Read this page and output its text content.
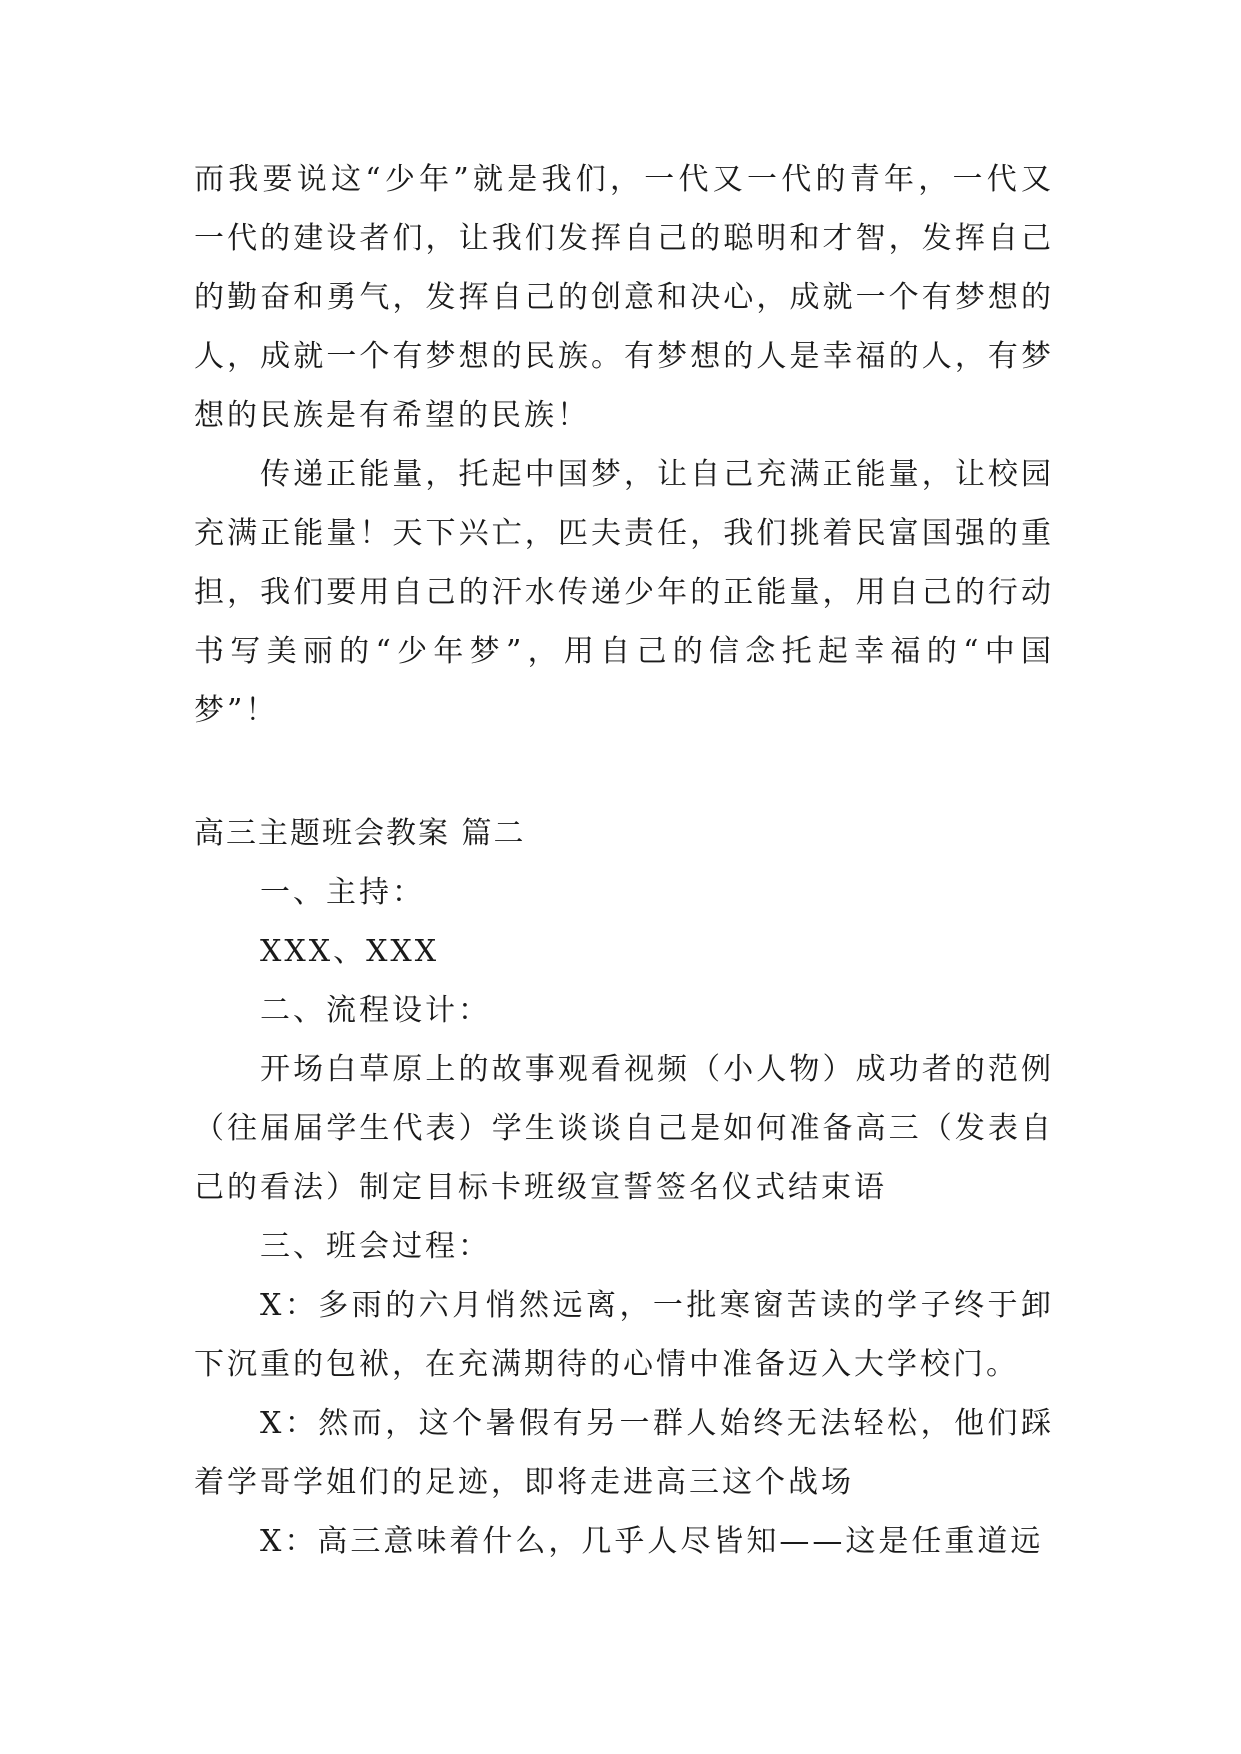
而我要说这“少年”就是我们，一代又一代的青年，一代又一代的建设者们，让我们发挥自己的聪明和才智，发挥自己的勤奋和勇气，发挥自己的创意和决心，成就一个有梦想的人，成就一个有梦想的民族。有梦想的人是幸福的人，有梦想的民族是有希望的民族！

传递正能量，托起中国梦，让自己充满正能量，让校园充满正能量！天下兴亡，匹夫责任，我们挑着民富国强的重担，我们要用自己的汗水传递少年的正能量，用自己的行动书写美丽的“少年梦”，用自己的信念托起幸福的“中国梦”！

高三主题班会教案 篇二

一、主持：

XXX、XXX

二、流程设计：

开场白草原上的故事观看视频（小人物）成功者的范例（往届届学生代表）学生谈谈自己是如何准备高三（发表自己的看法）制定目标卡班级宣誓签名仪式结束语

三、班会过程：

X：多雨的六月悄然远离，一批寒窗苦读的学子终于卸下沉重的包袱，在充满期待的心情中准备迈入大学校门。

X：然而，这个暑假有另一群人始终无法轻松，他们踩着学哥学姐们的足迹，即将走进高三这个战场

X：高三意味着什么，几乎人尽皆知——这是任重道远
